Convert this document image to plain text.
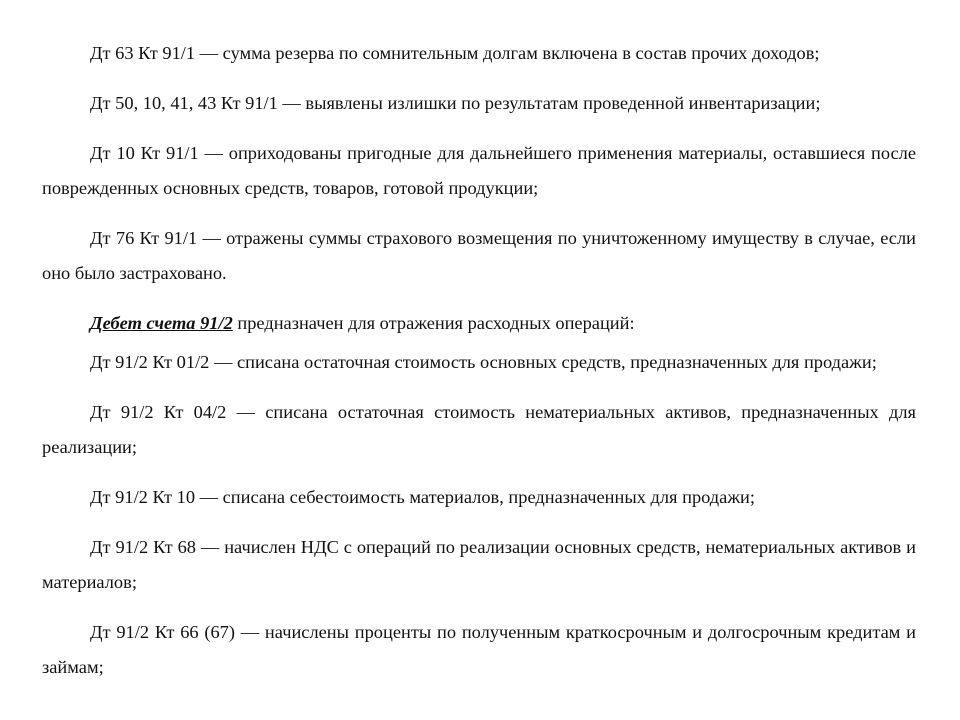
Дт 63 Кт 91/1 — сумма резерва по сомнительным долгам включена в состав прочих доходов;

Дт 50, 10, 41, 43 Кт 91/1 — выявлены излишки по результатам проведенной инвентаризации;

Дт 10 Кт 91/1 — оприходованы пригодные для дальнейшего применения материалы, оставшиеся после поврежденных основных средств, товаров, готовой продукции;

Дт 76 Кт 91/1 — отражены суммы страхового возмещения по уничтоженному имуществу в случае, если оно было застраховано.

Дебет счета 91/2 предназначен для отражения расходных операций:

Дт 91/2 Кт 01/2 — списана остаточная стоимость основных средств, предназначенных для продажи;

Дт 91/2 Кт 04/2 — списана остаточная стоимость нематериальных активов, предназначенных для реализации;

Дт 91/2 Кт 10 — списана себестоимость материалов, предназначенных для продажи;

Дт 91/2 Кт 68 — начислен НДС с операций по реализации основных средств, нематериальных активов и материалов;

Дт 91/2 Кт 66 (67) — начислены проценты по полученным краткосрочным и долгосрочным кредитам и займам;
